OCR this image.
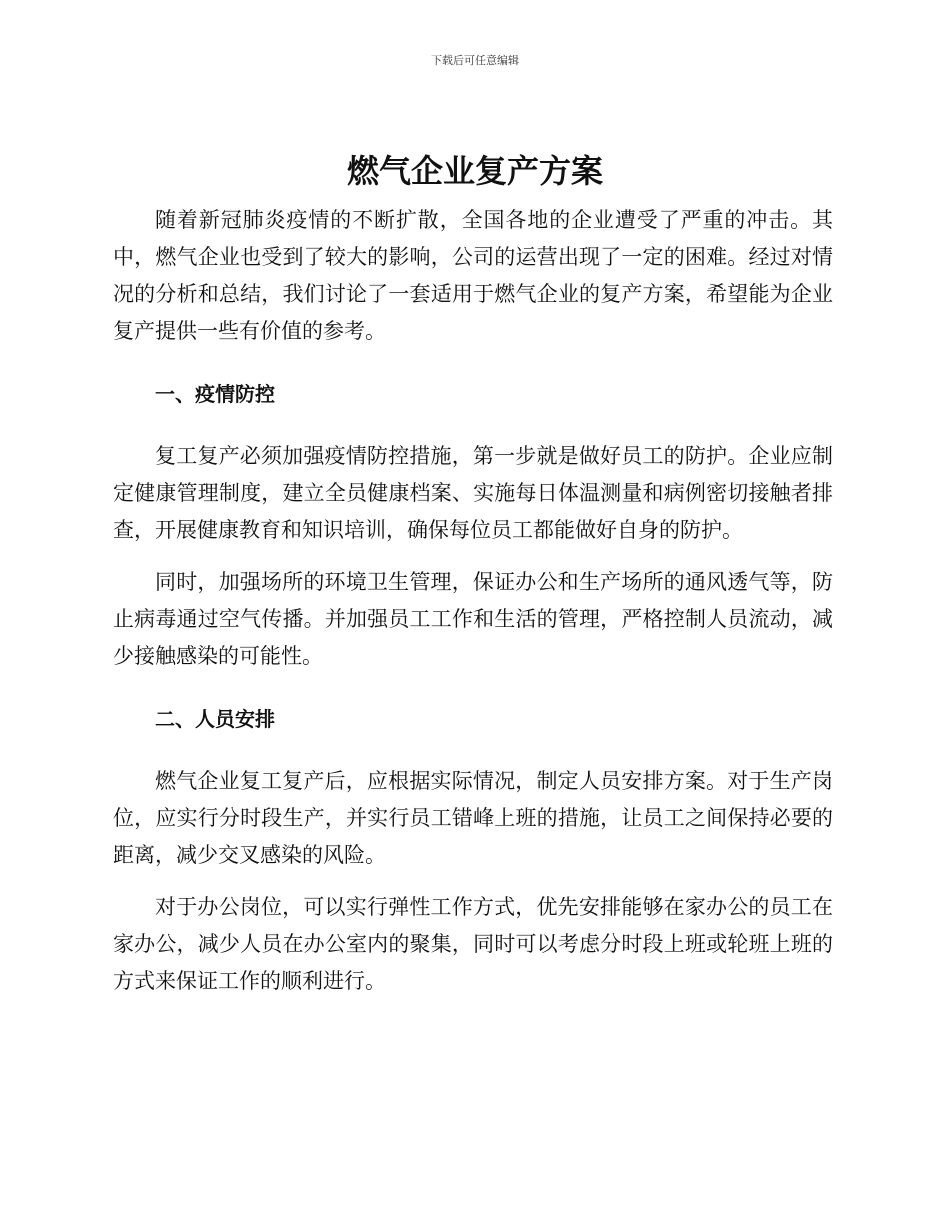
下载后可任意编辑
燃气企业复产方案

随着新冠肺炎疫情的不断扩散，全国各地的企业遭受了严重的冲击。其中，燃气企业也受到了较大的影响，公司的运营出现了一定的困难。经过对情况的分析和总结，我们讨论了一套适用于燃气企业的复产方案，希望能为企业复产提供一些有价值的参考。

一、疫情防控

复工复产必须加强疫情防控措施，第一步就是做好员工的防护。企业应制定健康管理制度，建立全员健康档案、实施每日体温测量和病例密切接触者排查，开展健康教育和知识培训，确保每位员工都能做好自身的防护。

同时，加强场所的环境卫生管理，保证办公和生产场所的通风透气等，防止病毒通过空气传播。并加强员工工作和生活的管理，严格控制人员流动，减少接触感染的可能性。

二、人员安排

燃气企业复工复产后，应根据实际情况，制定人员安排方案。对于生产岗位，应实行分时段生产，并实行员工错峰上班的措施，让员工之间保持必要的距离，减少交叉感染的风险。

对于办公岗位，可以实行弹性工作方式，优先安排能够在家办公的员工在家办公，减少人员在办公室内的聚集，同时可以考虑分时段上班或轮班上班的方式来保证工作的顺利进行。
